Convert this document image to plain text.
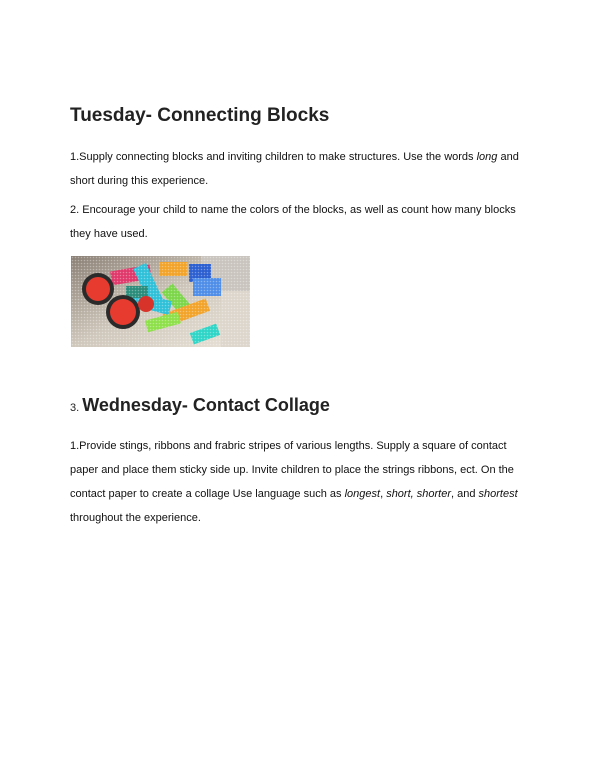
Tuesday- Connecting Blocks
1.Supply connecting blocks and inviting children to make structures. Use the words long and short during this experience.
2. Encourage your child to name the colors of the blocks, as well as count how many blocks they have used.
3. Wednesday- Contact Collage
1.Provide stings, ribbons and frabric stripes of various lengths. Supply a square of contact paper and place them sticky side up. Invite children to place the strings ribbons, ect. On the contact paper to create a collage Use language such as longest, short, shorter, and shortest throughout the experience.
